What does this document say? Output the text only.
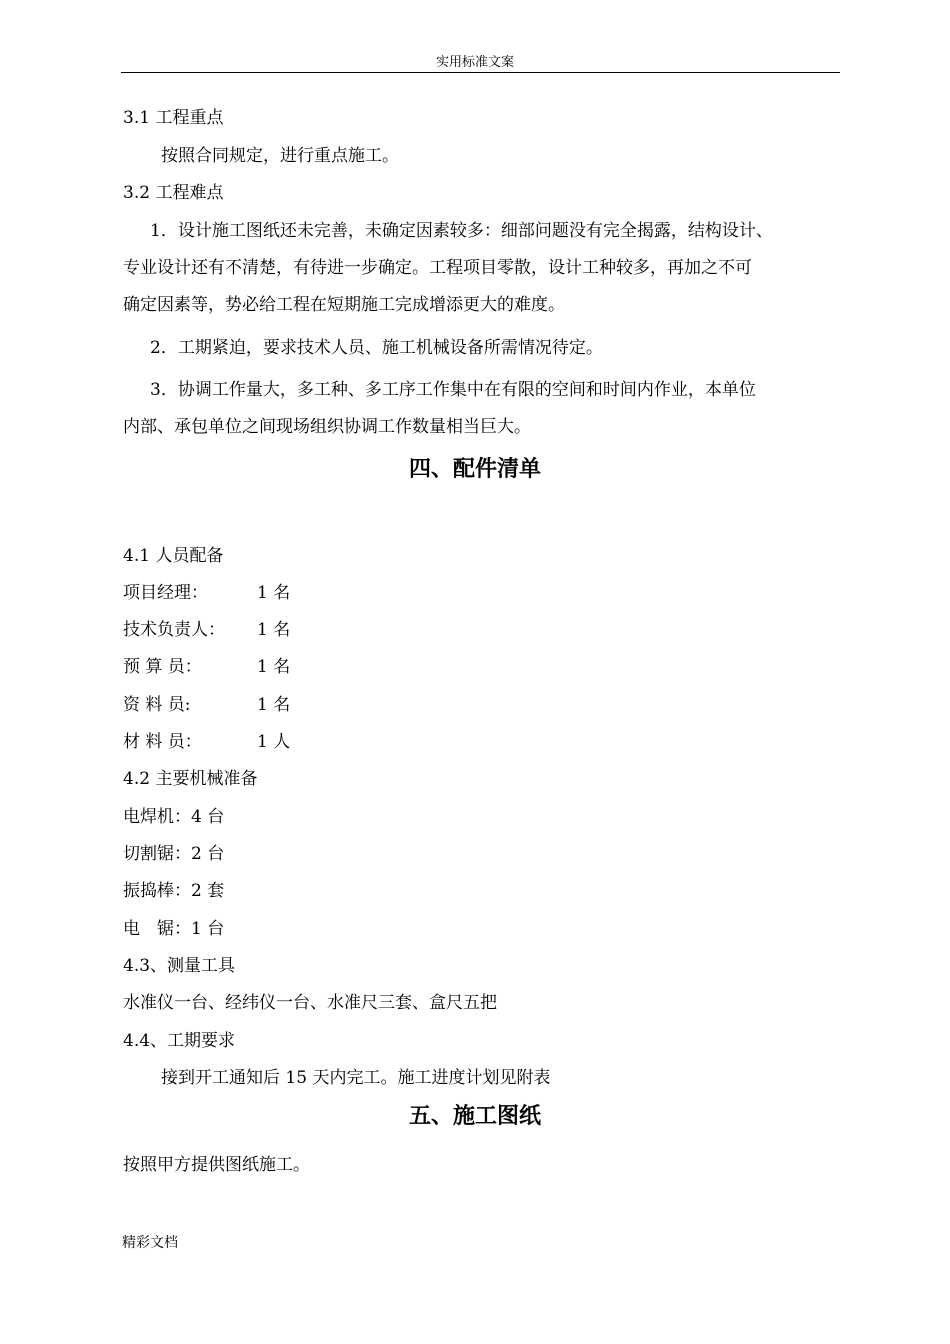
实用标准文案
3.1 工程重点
按照合同规定，进行重点施工。
3.2 工程难点
1．设计施工图纸还未完善，未确定因素较多：细部问题没有完全揭露，结构设计、
专业设计还有不清楚，有待进一步确定。工程项目零散，设计工种较多，再加之不可
确定因素等，势必给工程在短期施工完成增添更大的难度。
2．工期紧迫，要求技术人员、施工机械设备所需情况待定。
3．协调工作量大，多工种、多工序工作集中在有限的空间和时间内作业，本单位
内部、承包单位之间现场组织协调工作数量相当巨大。
四、配件清单
4.1 人员配备
项目经理：	1 名
技术负责人： 1 名
预 算 员：	1 名
资 料 员:	1 名
材 料 员：	1 人
4.2 主要机械准备
电焊机：4 台
切割锯：2 台
振捣棒：2 套
电　锯：1 台
4.3、测量工具
水准仪一台、经纬仪一台、水准尺三套、盒尺五把
4.4、工期要求
接到开工通知后 15 天内完工。施工进度计划见附表
五、施工图纸
按照甲方提供图纸施工。
精彩文档
